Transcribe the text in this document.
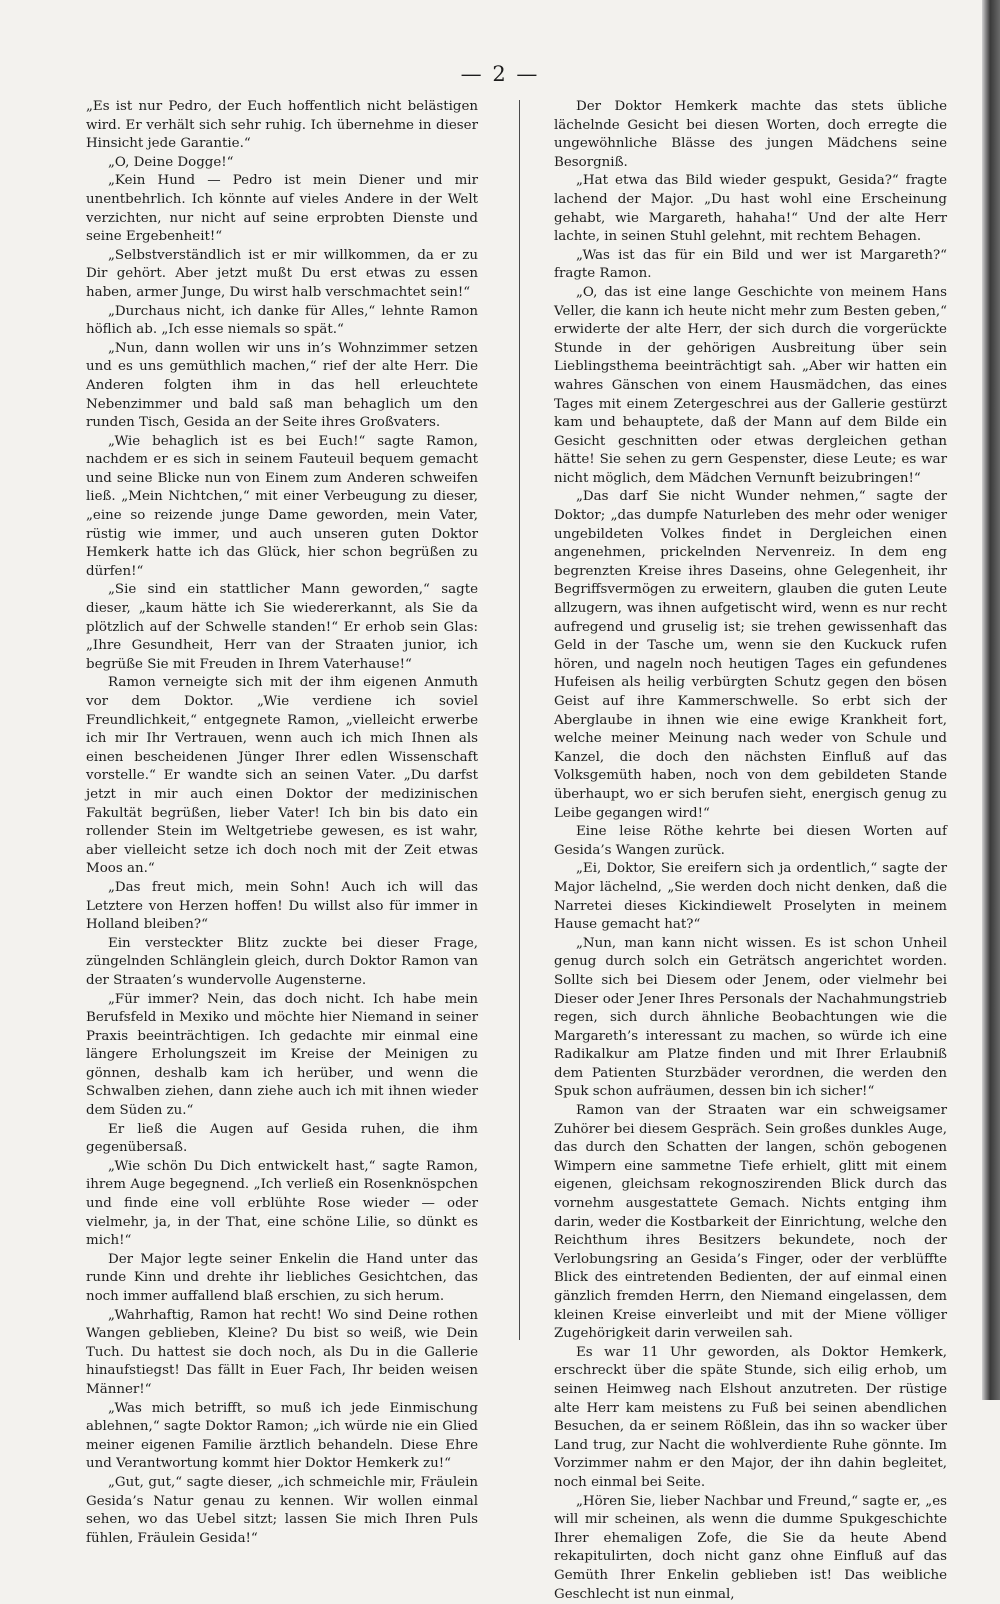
— 2 —

„Es ist nur Pedro, der Euch hoffentlich nicht belästigen wird. Er verhält sich sehr ruhig. Ich übernehme in dieser Hinsicht jede Garantie.“

„O, Deine Dogge!“

„Kein Hund — Pedro ist mein Diener und mir unentbehrlich. Ich könnte auf vieles Andere in der Welt verzichten, nur nicht auf seine erprobten Dienste und seine Ergebenheit!“

„Selbstverständlich ist er mir willkommen, da er zu Dir gehört. Aber jetzt mußt Du erst etwas zu essen haben, armer Junge, Du wirst halb verschmachtet sein!“

„Durchaus nicht, ich danke für Alles,“ lehnte Ramon höflich ab. „Ich esse niemals so spät.“

„Nun, dann wollen wir uns in’s Wohnzimmer setzen und es uns gemüthlich machen,“ rief der alte Herr. Die Anderen folgten ihm in das hell erleuchtete Nebenzimmer und bald saß man behaglich um den runden Tisch, Gesida an der Seite ihres Großvaters.

„Wie behaglich ist es bei Euch!“ sagte Ramon, nachdem er es sich in seinem Fauteuil bequem gemacht und seine Blicke nun von Einem zum Anderen schweifen ließ. „Mein Nichtchen,“ mit einer Verbeugung zu dieser, „eine so reizende junge Dame geworden, mein Vater, rüstig wie immer, und auch unseren guten Doktor Hemkerk hatte ich das Glück, hier schon begrüßen zu dürfen!“

„Sie sind ein stattlicher Mann geworden,“ sagte dieser, „kaum hätte ich Sie wiedererkannt, als Sie da plötzlich auf der Schwelle standen!“ Er erhob sein Glas: „Ihre Gesundheit, Herr van der Straaten junior, ich begrüße Sie mit Freuden in Ihrem Vaterhause!“

Ramon verneigte sich mit der ihm eigenen Anmuth vor dem Doktor. „Wie verdiene ich soviel Freundlichkeit,“ entgegnete Ramon, „vielleicht erwerbe ich mir Ihr Vertrauen, wenn auch ich mich Ihnen als einen bescheidenen Jünger Ihrer edlen Wissenschaft vorstelle.“ Er wandte sich an seinen Vater. „Du darfst jetzt in mir auch einen Doktor der medizinischen Fakultät begrüßen, lieber Vater! Ich bin bis dato ein rollender Stein im Weltgetriebe gewesen, es ist wahr, aber vielleicht setze ich doch noch mit der Zeit etwas Moos an.“

„Das freut mich, mein Sohn! Auch ich will das Letztere von Herzen hoffen! Du willst also für immer in Holland bleiben?“

Ein versteckter Blitz zuckte bei dieser Frage, züngelnden Schlänglein gleich, durch Doktor Ramon van der Straaten’s wundervolle Augensterne.

„Für immer? Nein, das doch nicht. Ich habe mein Berufsfeld in Mexiko und möchte hier Niemand in seiner Praxis beeinträchtigen. Ich gedachte mir einmal eine längere Erholungszeit im Kreise der Meinigen zu gönnen, deshalb kam ich herüber, und wenn die Schwalben ziehen, dann ziehe auch ich mit ihnen wieder dem Süden zu.“

Er ließ die Augen auf Gesida ruhen, die ihm gegenübersaß.

„Wie schön Du Dich entwickelt hast,“ sagte Ramon, ihrem Auge begegnend. „Ich verließ ein Rosenknöspchen und finde eine voll erblühte Rose wieder — oder vielmehr, ja, in der That, eine schöne Lilie, so dünkt es mich!“

Der Major legte seiner Enkelin die Hand unter das runde Kinn und drehte ihr liebliches Gesichtchen, das noch immer auffallend blaß erschien, zu sich herum.

„Wahrhaftig, Ramon hat recht! Wo sind Deine rothen Wangen geblieben, Kleine? Du bist so weiß, wie Dein Tuch. Du hattest sie doch noch, als Du in die Gallerie hinaufstiegst! Das fällt in Euer Fach, Ihr beiden weisen Männer!“

„Was mich betrifft, so muß ich jede Einmischung ablehnen,“ sagte Doktor Ramon; „ich würde nie ein Glied meiner eigenen Familie ärztlich behandeln. Diese Ehre und Verantwortung kommt hier Doktor Hemkerk zu!“

„Gut, gut,“ sagte dieser, „ich schmeichle mir, Fräulein Gesida’s Natur genau zu kennen. Wir wollen einmal sehen, wo das Uebel sitzt; lassen Sie mich Ihren Puls fühlen, Fräulein Gesida!“

Der Doktor Hemkerk machte das stets übliche lächelnde Gesicht bei diesen Worten, doch erregte die ungewöhnliche Blässe des jungen Mädchens seine Besorgniß.

„Hat etwa das Bild wieder gespukt, Gesida?“ fragte lachend der Major. „Du hast wohl eine Erscheinung gehabt, wie Margareth, hahaha!“ Und der alte Herr lachte, in seinen Stuhl gelehnt, mit rechtem Behagen.

„Was ist das für ein Bild und wer ist Margareth?“ fragte Ramon.

„O, das ist eine lange Geschichte von meinem Hans Veller, die kann ich heute nicht mehr zum Besten geben,“ erwiderte der alte Herr, der sich durch die vorgerückte Stunde in der gehörigen Ausbreitung über sein Lieblingsthema beeinträchtigt sah. „Aber wir hatten ein wahres Gänschen von einem Hausmädchen, das eines Tages mit einem Zetergeschrei aus der Gallerie gestürzt kam und behauptete, daß der Mann auf dem Bilde ein Gesicht geschnitten oder etwas dergleichen gethan hätte! Sie sehen zu gern Gespenster, diese Leute; es war nicht möglich, dem Mädchen Vernunft beizubringen!“

„Das darf Sie nicht Wunder nehmen,“ sagte der Doktor; „das dumpfe Naturleben des mehr oder weniger ungebildeten Volkes findet in Dergleichen einen angenehmen, prickelnden Nervenreiz. In dem eng begrenzten Kreise ihres Daseins, ohne Gelegenheit, ihr Begriffsvermögen zu erweitern, glauben die guten Leute allzugern, was ihnen aufgetischt wird, wenn es nur recht aufregend und gruselig ist; sie trehen gewissenhaft das Geld in der Tasche um, wenn sie den Kuckuck rufen hören, und nageln noch heutigen Tages ein gefundenes Hufeisen als heilig verbürgten Schutz gegen den bösen Geist auf ihre Kammerschwelle. So erbt sich der Aberglaube in ihnen wie eine ewige Krankheit fort, welche meiner Meinung nach weder von Schule und Kanzel, die doch den nächsten Einfluß auf das Volksgemüth haben, noch von dem gebildeten Stande überhaupt, wo er sich berufen sieht, energisch genug zu Leibe gegangen wird!“

Eine leise Röthe kehrte bei diesen Worten auf Gesida’s Wangen zurück.

„Ei, Doktor, Sie ereifern sich ja ordentlich,“ sagte der Major lächelnd, „Sie werden doch nicht denken, daß die Narretei dieses Kickindiewelt Proselyten in meinem Hause gemacht hat?“

„Nun, man kann nicht wissen. Es ist schon Unheil genug durch solch ein Geträtsch angerichtet worden. Sollte sich bei Diesem oder Jenem, oder vielmehr bei Dieser oder Jener Ihres Personals der Nachahmungstrieb regen, sich durch ähnliche Beobachtungen wie die Margareth’s interessant zu machen, so würde ich eine Radikalkur am Platze finden und mit Ihrer Erlaubniß dem Patienten Sturzbäder verordnen, die werden den Spuk schon aufräumen, dessen bin ich sicher!“

Ramon van der Straaten war ein schweigsamer Zuhörer bei diesem Gespräch. Sein großes dunkles Auge, das durch den Schatten der langen, schön gebogenen Wimpern eine sammetne Tiefe erhielt, glitt mit einem eigenen, gleichsam rekognoszirenden Blick durch das vornehm ausgestattete Gemach. Nichts entging ihm darin, weder die Kostbarkeit der Einrichtung, welche den Reichthum ihres Besitzers bekundete, noch der Verlobungsring an Gesida’s Finger, oder der verblüffte Blick des eintretenden Bedienten, der auf einmal einen gänzlich fremden Herrn, den Niemand eingelassen, dem kleinen Kreise einverleibt und mit der Miene völliger Zugehörigkeit darin verweilen sah.

Es war 11 Uhr geworden, als Doktor Hemkerk, erschreckt über die späte Stunde, sich eilig erhob, um seinen Heimweg nach Elshout anzutreten. Der rüstige alte Herr kam meistens zu Fuß bei seinen abendlichen Besuchen, da er seinem Rößlein, das ihn so wacker über Land trug, zur Nacht die wohlverdiente Ruhe gönnte. Im Vorzimmer nahm er den Major, der ihn dahin begleitet, noch einmal bei Seite.

„Hören Sie, lieber Nachbar und Freund,“ sagte er, „es will mir scheinen, als wenn die dumme Spukgeschichte Ihrer ehemaligen Zofe, die Sie da heute Abend rekapitulirten, doch nicht ganz ohne Einfluß auf das Gemüth Ihrer Enkelin geblieben ist! Das weibliche Geschlecht ist nun einmal,
